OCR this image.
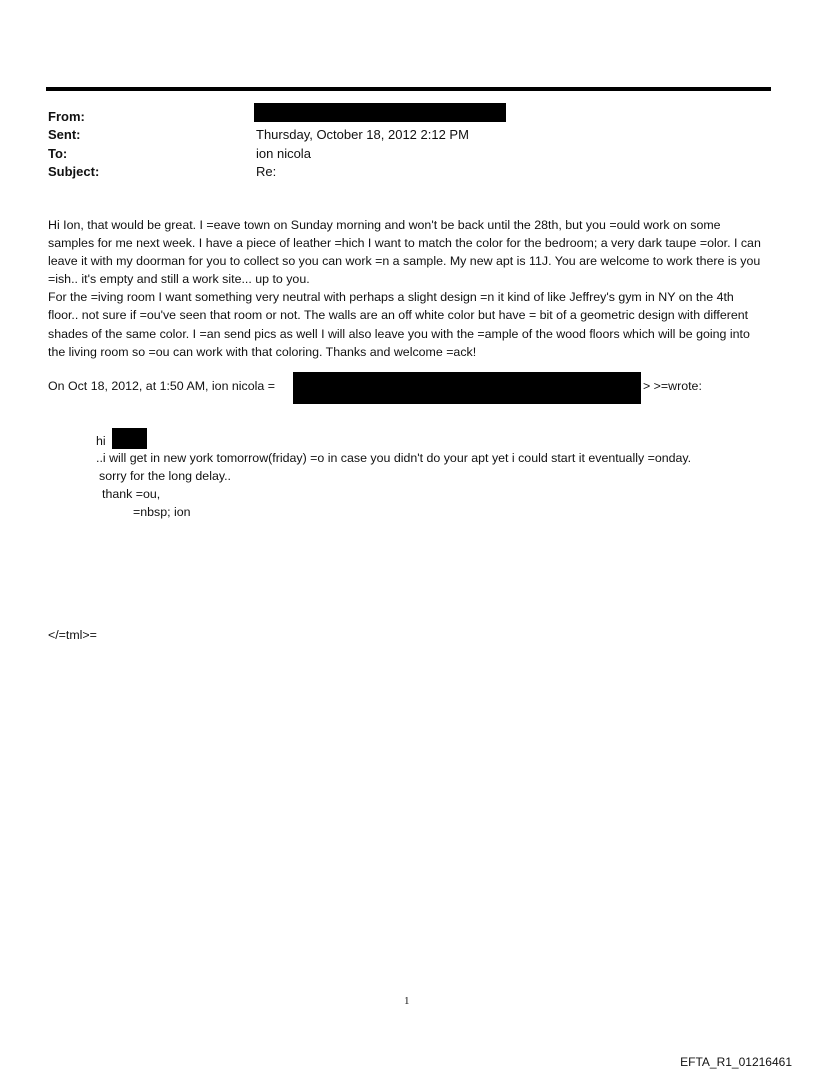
From:
Sent:	Thursday, October 18, 2012 2:12 PM
To:	ion nicola
Subject:	Re:

Hi Ion, that would be great. I =eave town on Sunday morning and won't be back until the 28th, but you =ould work on some samples for me next week. I have a piece of leather =hich I want to match the color for the bedroom; a very dark taupe =olor. I can leave it with my doorman for you to collect so you can work =n a sample. My new apt is 11J. You are welcome to work there is you =ish.. it's empty and still a work site... up to you.
For the =iving room I want something very neutral with perhaps a slight design =n it kind of like Jeffrey's gym in NY on the 4th floor.. not sure if =ou've seen that room or not. The walls are an off white color but have = bit of a geometric design with different shades of the same color. I =an send pics as well I will also leave you with the =ample of the wood floors which will be going into the living room so =ou can work with that coloring. Thanks and welcome =ack!

On Oct 18, 2012, at 1:50 AM, ion nicola =	> >=wrote:
hi
..i will get in new york tomorrow(friday) =o in case you didn't do your apt yet i could start it eventually =onday.
sorry for the long delay..
thank =ou,
=nbsp; ion
</=tml>=
1
EFTA_R1_01216461
